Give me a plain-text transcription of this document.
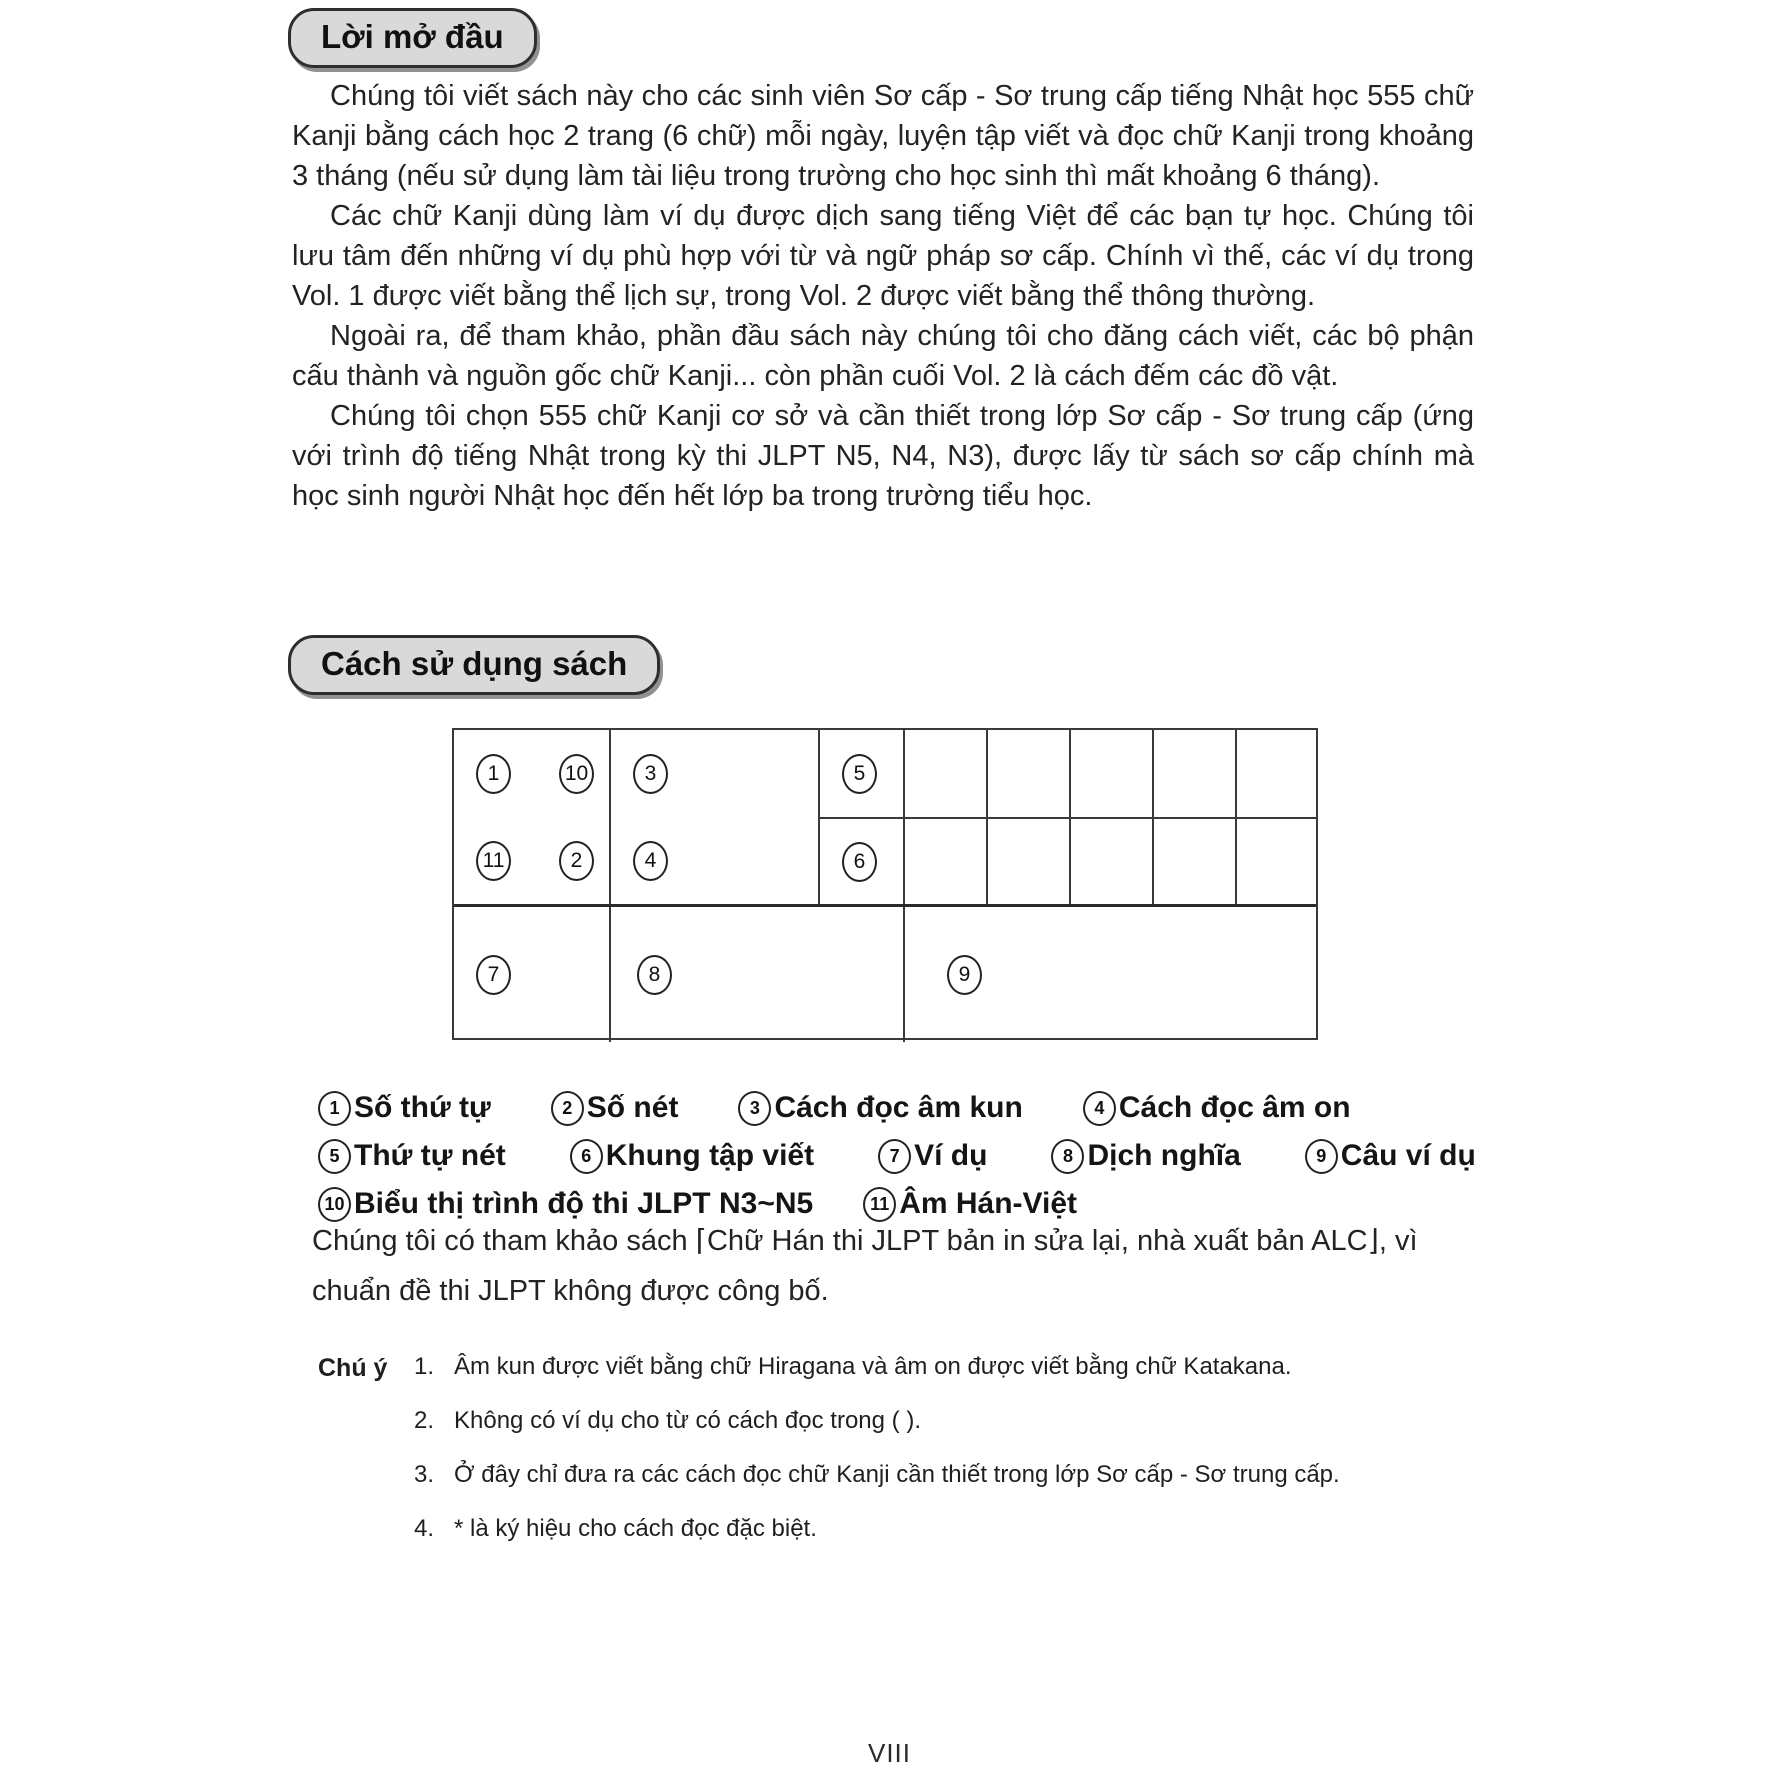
Lời mở đầu

Chúng tôi viết sách này cho các sinh viên Sơ cấp - Sơ trung cấp tiếng Nhật học 555 chữ Kanji bằng cách học 2 trang (6 chữ) mỗi ngày, luyện tập viết và đọc chữ Kanji trong khoảng 3 tháng (nếu sử dụng làm tài liệu trong trường cho học sinh thì mất khoảng 6 tháng).

Các chữ Kanji dùng làm ví dụ được dịch sang tiếng Việt để các bạn tự học. Chúng tôi lưu tâm đến những ví dụ phù hợp với từ và ngữ pháp sơ cấp. Chính vì thế, các ví dụ trong Vol. 1 được viết bằng thể lịch sự, trong Vol. 2 được viết bằng thể thông thường.

Ngoài ra, để tham khảo, phần đầu sách này chúng tôi cho đăng cách viết, các bộ phận cấu thành và nguồn gốc chữ Kanji... còn phần cuối Vol. 2 là cách đếm các đồ vật.

Chúng tôi chọn 555 chữ Kanji cơ sở và cần thiết trong lớp Sơ cấp - Sơ trung cấp (ứng với trình độ tiếng Nhật trong kỳ thi JLPT N5, N4, N3), được lấy từ sách sơ cấp chính mà học sinh người Nhật học đến hết lớp ba trong trường tiểu học.

Cách sử dụng sách
1	10
11	2
3
4
5
6
7	8	9
1 Số thứ tự	2 Số nét	3 Cách đọc âm kun	4 Cách đọc âm on
5 Thứ tự nét	6 Khung tập viết	7 Ví dụ	8 Dịch nghĩa	9 Câu ví dụ
10 Biểu thị trình độ thi JLPT N3~N5	11 Âm Hán-Việt
Chúng tôi có tham khảo sách ⌈Chữ Hán thi JLPT bản in sửa lại, nhà xuất bản ALC⌋, vì chuẩn đề thi JLPT không được công bố.
Chú ý	1. Âm kun được viết bằng chữ Hiragana và âm on được viết bằng chữ Katakana.
2. Không có ví dụ cho từ có cách đọc trong ( ).
3. Ở đây chỉ đưa ra các cách đọc chữ Kanji cần thiết trong lớp Sơ cấp - Sơ trung cấp.
4. * là ký hiệu cho cách đọc đặc biệt.
VIII
